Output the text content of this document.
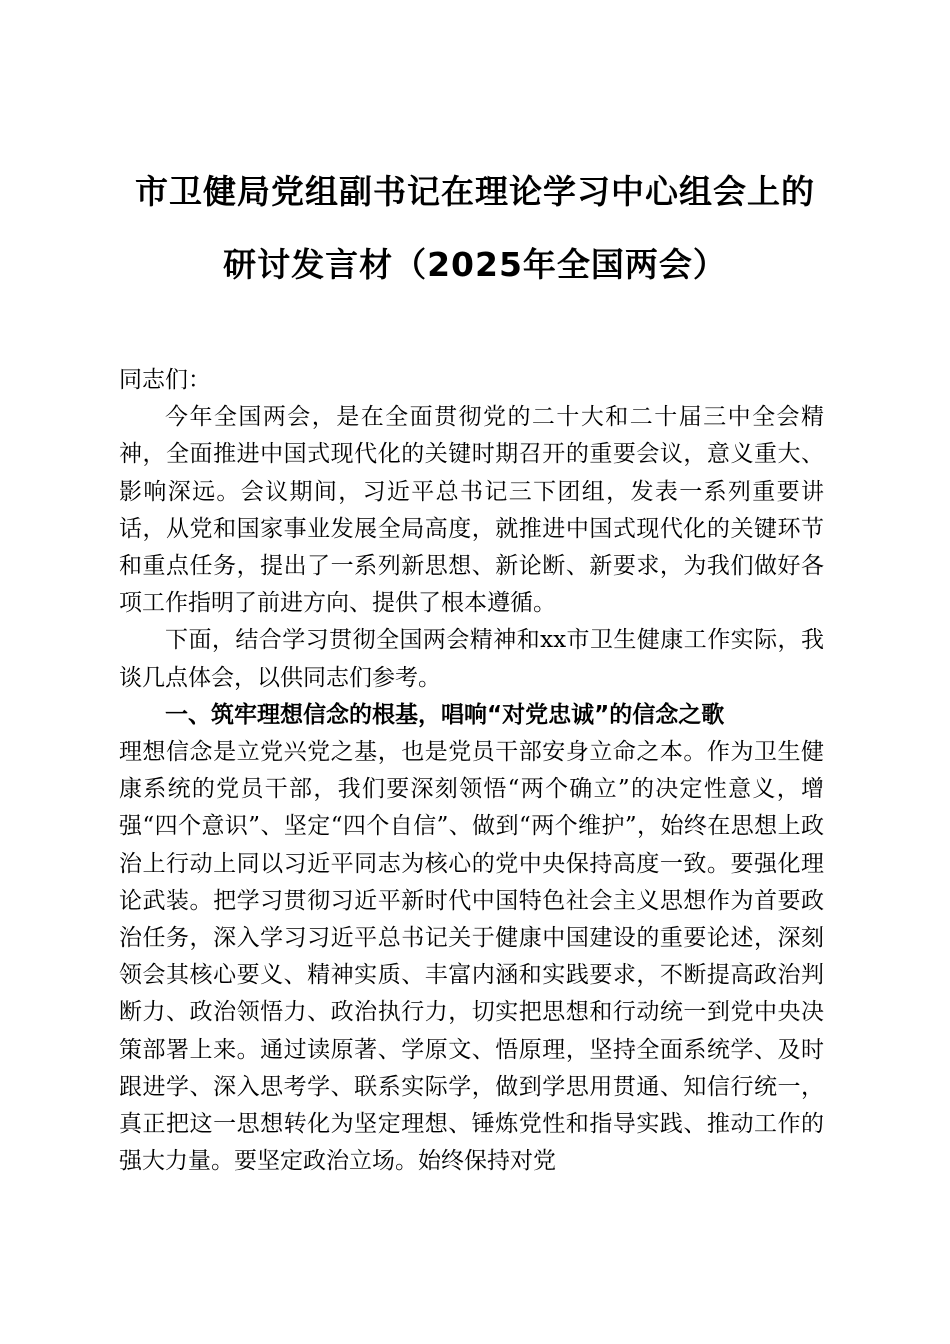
市卫健局党组副书记在理论学习中心组会上的
研讨发言材（2025年全国两会）

同志们：

今年全国两会，是在全面贯彻党的二十大和二十届三中全会精神，全面推进中国式现代化的关键时期召开的重要会议，意义重大、影响深远。会议期间，习近平总书记三下团组，发表一系列重要讲话，从党和国家事业发展全局高度，就推进中国式现代化的关键环节和重点任务，提出了一系列新思想、新论断、新要求，为我们做好各项工作指明了前进方向、提供了根本遵循。

下面，结合学习贯彻全国两会精神和xx市卫生健康工作实际，我谈几点体会，以供同志们参考。

一、筑牢理想信念的根基，唱响“对党忠诚”的信念之歌

理想信念是立党兴党之基，也是党员干部安身立命之本。作为卫生健康系统的党员干部，我们要深刻领悟“两个确立”的决定性意义，增强“四个意识”、坚定“四个自信”、做到“两个维护”，始终在思想上政治上行动上同以习近平同志为核心的党中央保持高度一致。要强化理论武装。把学习贯彻习近平新时代中国特色社会主义思想作为首要政治任务，深入学习习近平总书记关于健康中国建设的重要论述，深刻领会其核心要义、精神实质、丰富内涵和实践要求，不断提高政治判断力、政治领悟力、政治执行力，切实把思想和行动统一到党中央决策部署上来。通过读原著、学原文、悟原理，坚持全面系统学、及时跟进学、深入思考学、联系实际学，做到学思用贯通、知信行统一，真正把这一思想转化为坚定理想、锤炼党性和指导实践、推动工作的强大力量。要坚定政治立场。始终保持对党
